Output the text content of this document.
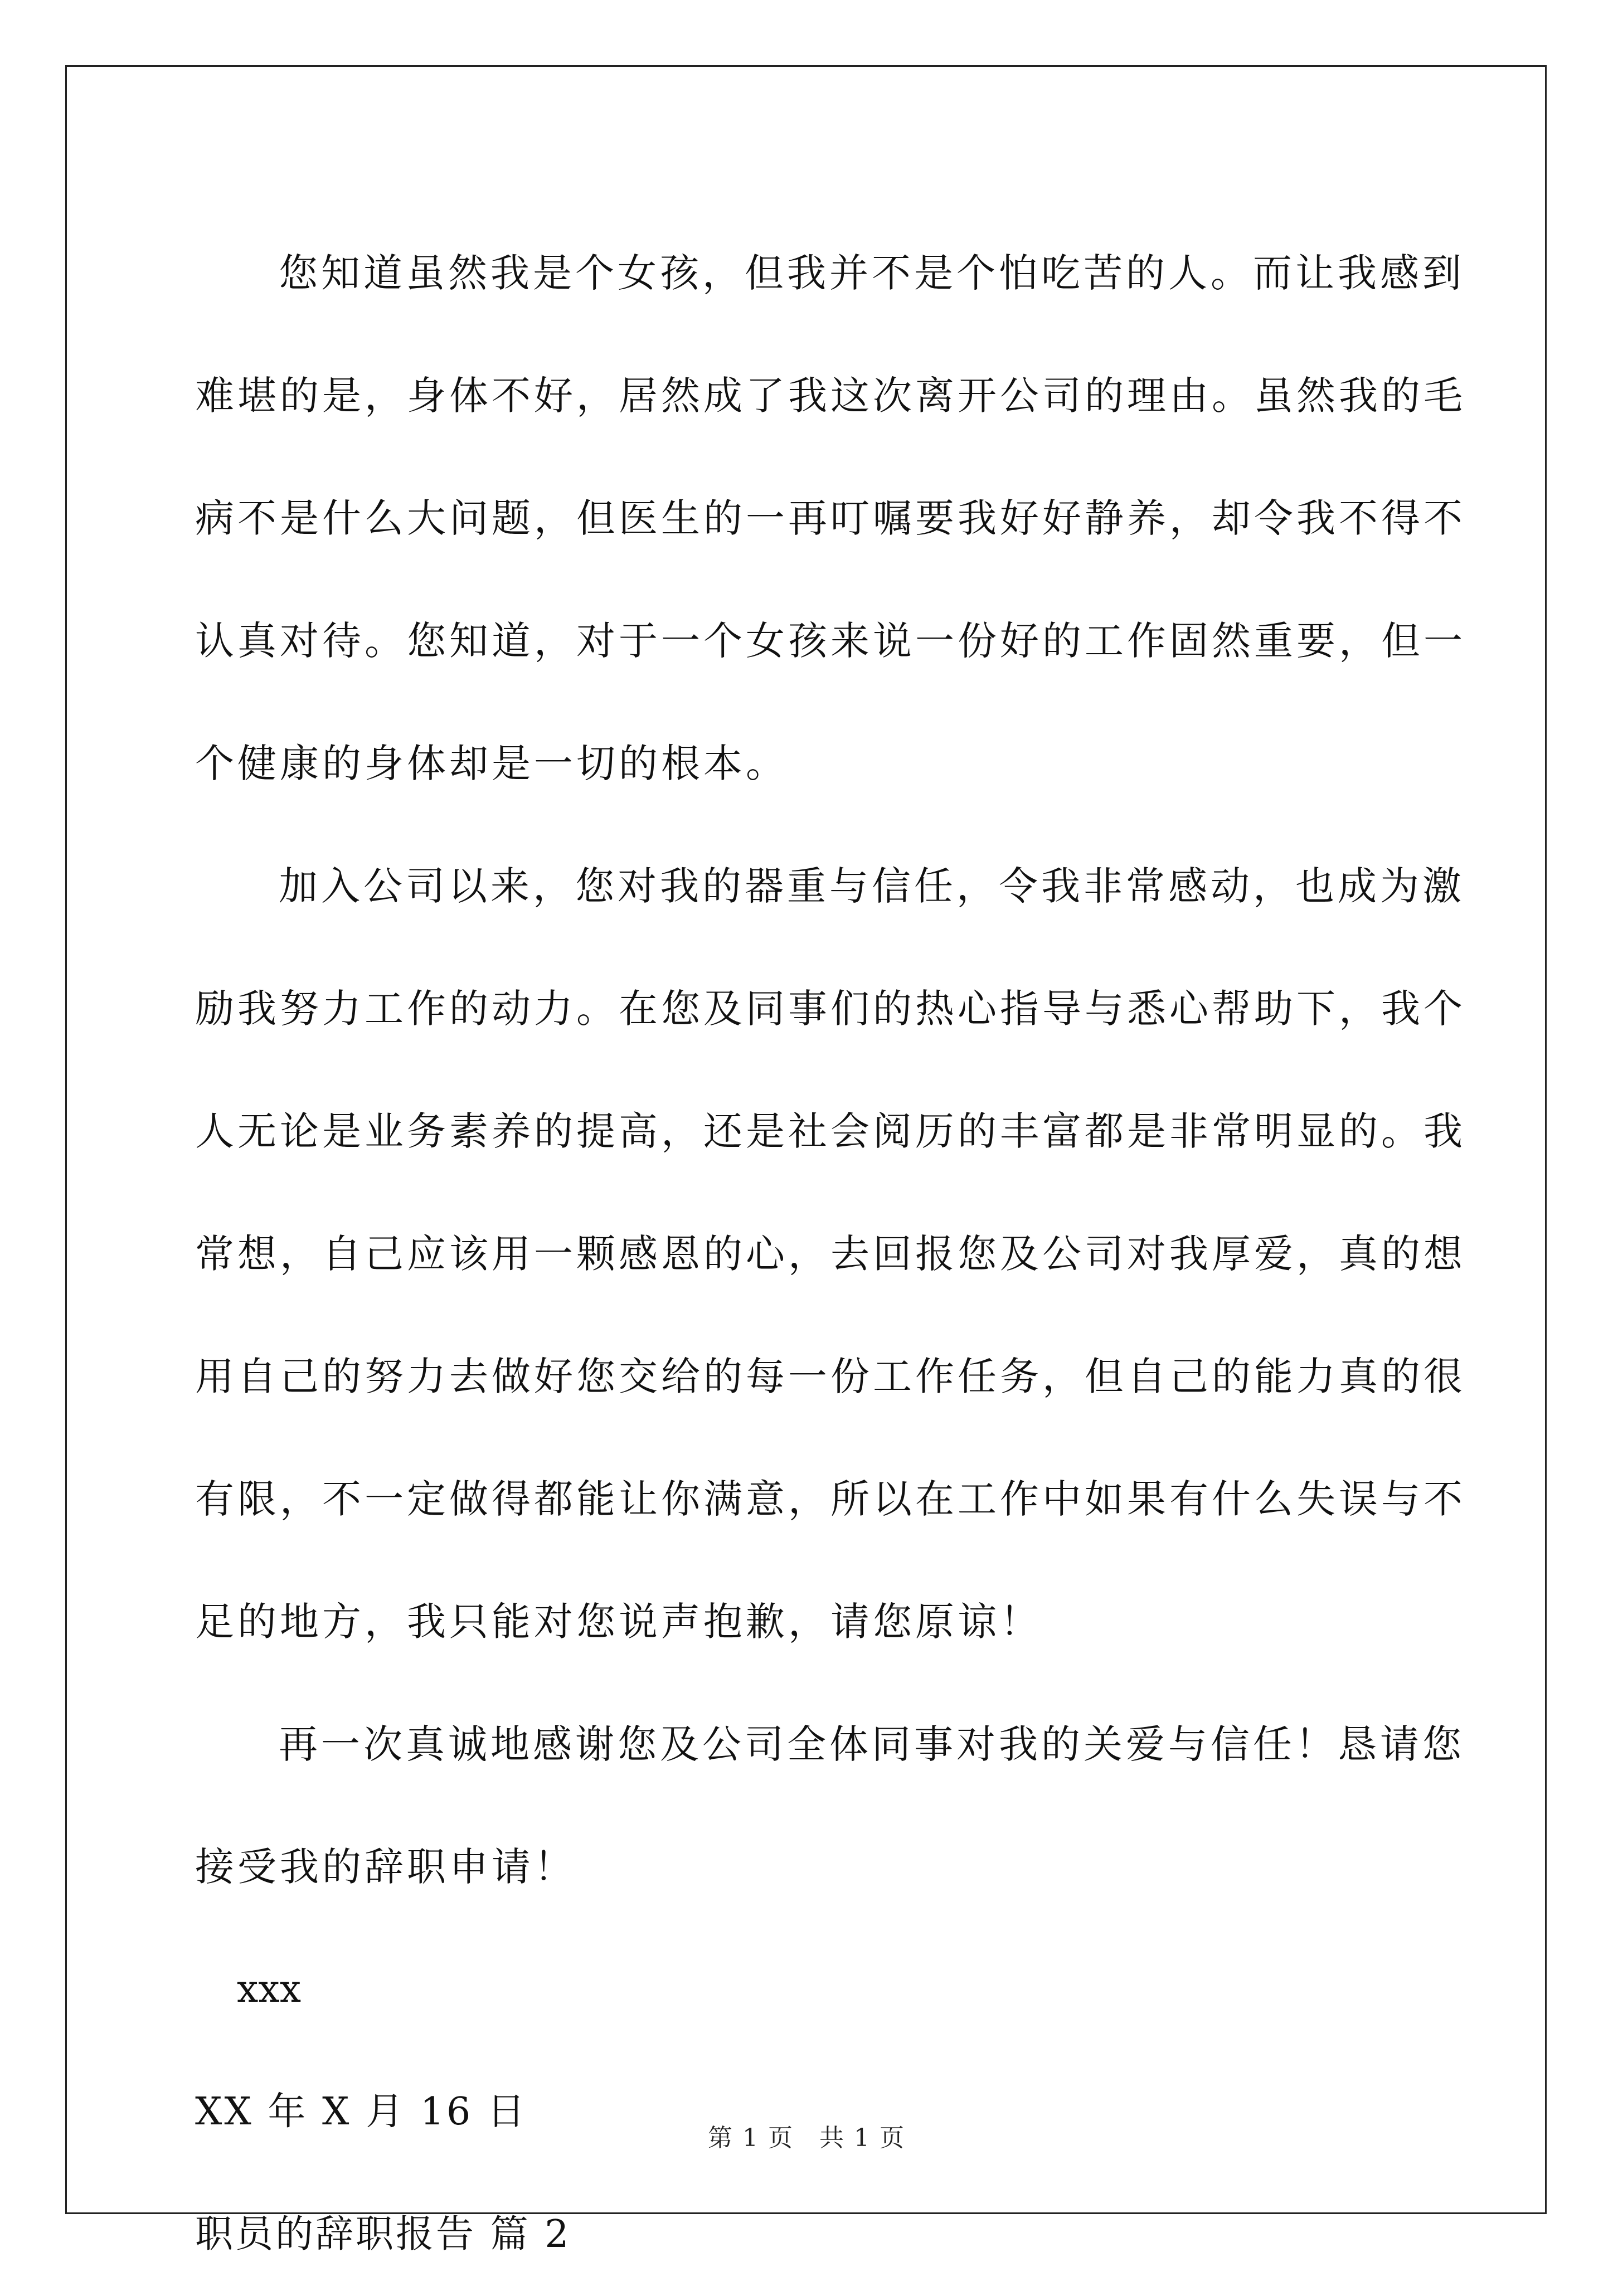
您知道虽然我是个女孩，但我并不是个怕吃苦的人。而让我感到
难堪的是，身体不好，居然成了我这次离开公司的理由。虽然我的毛
病不是什么大问题，但医生的一再叮嘱要我好好静养，却令我不得不
认真对待。您知道，对于一个女孩来说一份好的工作固然重要，但一
个健康的身体却是一切的根本。
加入公司以来，您对我的器重与信任，令我非常感动，也成为激
励我努力工作的动力。在您及同事们的热心指导与悉心帮助下，我个
人无论是业务素养的提高，还是社会阅历的丰富都是非常明显的。我
常想，自己应该用一颗感恩的心，去回报您及公司对我厚爱，真的想
用自己的努力去做好您交给的每一份工作任务，但自己的能力真的很
有限，不一定做得都能让你满意，所以在工作中如果有什么失误与不
足的地方，我只能对您说声抱歉，请您原谅！
再一次真诚地感谢您及公司全体同事对我的关爱与信任！恳请您
接受我的辞职申请！

xxx

XX 年 X 月 16 日

职员的辞职报告 篇 2

第 1 页　共 1 页
